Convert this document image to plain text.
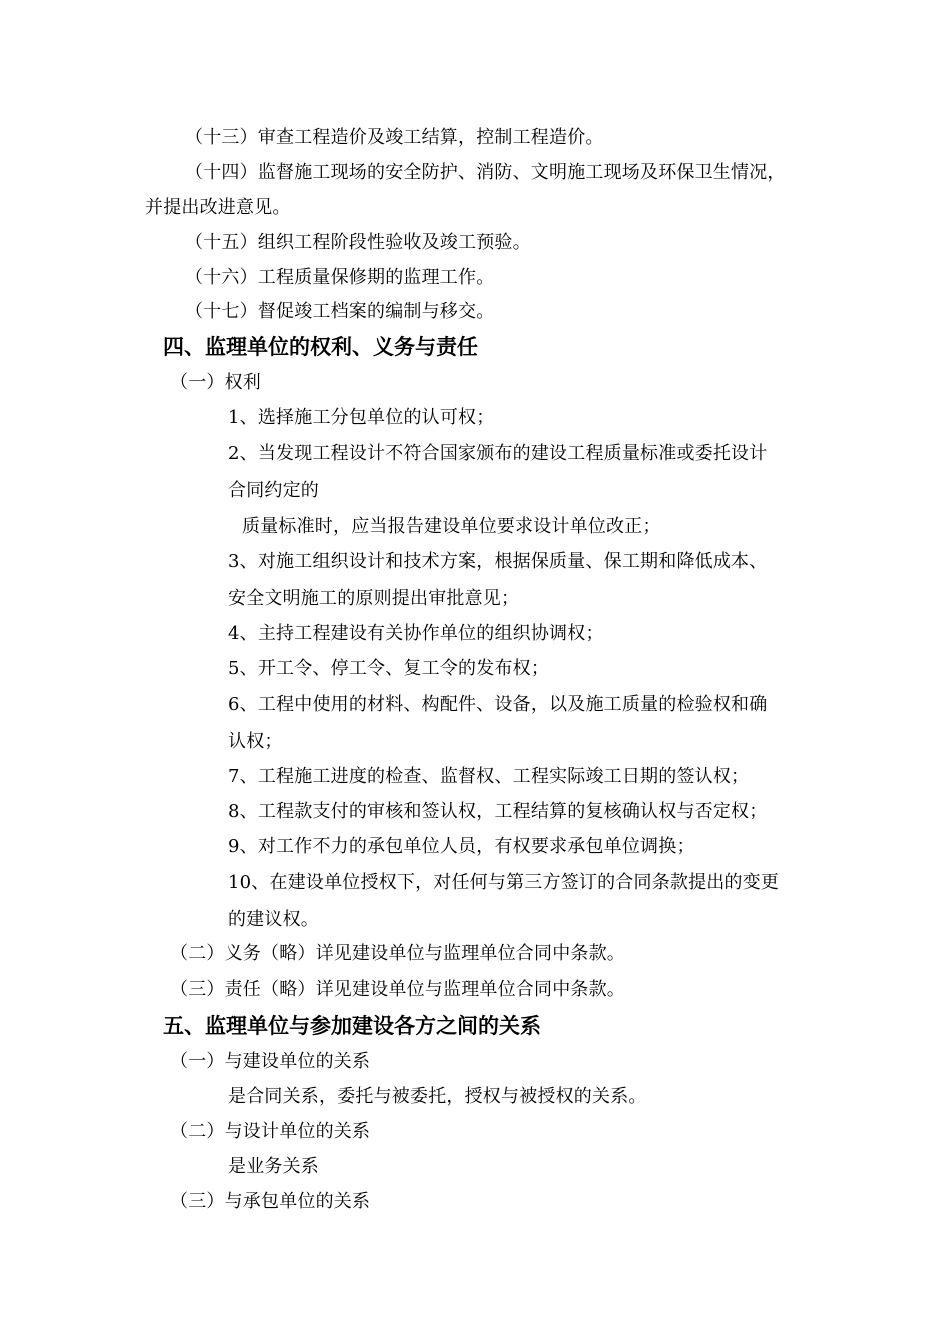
（十三）审查工程造价及竣工结算，控制工程造价。
（十四）监督施工现场的安全防护、消防、文明施工现场及环保卫生情况，
并提出改进意见。
（十五）组织工程阶段性验收及竣工预验。
（十六）工程质量保修期的监理工作。
（十七）督促竣工档案的编制与移交。
四、监理单位的权利、义务与责任
（一）权利
1、选择施工分包单位的认可权；
2、当发现工程设计不符合国家颁布的建设工程质量标准或委托设计
合同约定的
质量标准时，应当报告建设单位要求设计单位改正；
3、对施工组织设计和技术方案，根据保质量、保工期和降低成本、
安全文明施工的原则提出审批意见；
4、主持工程建设有关协作单位的组织协调权；
5、开工令、停工令、复工令的发布权；
6、工程中使用的材料、构配件、设备，以及施工质量的检验权和确
认权；
7、工程施工进度的检查、监督权、工程实际竣工日期的签认权；
8、工程款支付的审核和签认权，工程结算的复核确认权与否定权；
9、对工作不力的承包单位人员，有权要求承包单位调换；
10、在建设单位授权下，对任何与第三方签订的合同条款提出的变更
的建议权。
（二）义务（略）详见建设单位与监理单位合同中条款。
（三）责任（略）详见建设单位与监理单位合同中条款。
五、监理单位与参加建设各方之间的关系
（一）与建设单位的关系
是合同关系，委托与被委托，授权与被授权的关系。
（二）与设计单位的关系
是业务关系
（三）与承包单位的关系
